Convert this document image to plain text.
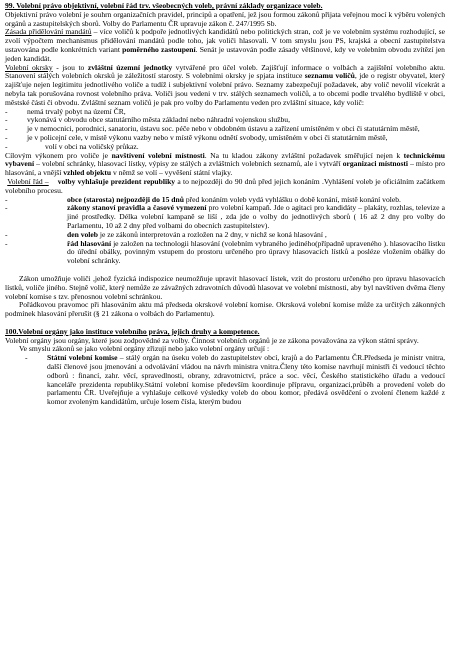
99. Volební právo objektivní, volební řád trv. všeobecných voleb, právní základy organizace voleb.

Objektivní právo volební je souhrn organizačních pravidel, principů a opatření, jež jsou formou zákonů přijata veřejnou mocí k výběru volených orgánů a zastupitelských sborů. Volby do Parlamentu ČR upravuje zákon č. 247/1995 Sb.

Zásada přidělování mandátů – více voličů k podpoře jednotlivých kandidátů nebo politických stran, což je ve volebním systému rozhodující, se zvolí výpočtem mechanismus přidělování mandátů podle toho, jak voliči hlasovali. V tom smyslu jsou PS, krajská a obecní zastupitelstva ustavována podle konkrétních variant poměrného zastoupení. Senát je ustavován podle zásady většinové, kdy ve volebním obvodu zvítězí jen jeden kandidát.

Volební okrsky - jsou to zvláštní územní jednotky vytvářené pro účel voleb. Zajišťují informace o volbách a zajištění volebního aktu. Stanovení stálých volebních okrsků je záležitostí starosty. S volebními okrsky je spjata instituce seznamu voličů, jde o registr obyvatel, který zajišťuje nejen legitimitu jednotlivého voliče a tudíž i subjektivní volební právo. Seznamy zabezpečují požadavek, aby volič nevolil vícekrát a nebyla tak porušována rovnost volebního práva. Voliči jsou vedeni v trv. stálých seznamech voličů, a to obcemi podle trvalého bydliště v obci, městské části či obvodu. Zvláštní seznam voličů je pak pro volby do Parlamentu veden pro zvláštní situace, kdy volič:

-	nemá trvalý pobyt na území ČR,
-	vykonává v obvodu obce statutárního města základní nebo náhradní vojenskou službu,
-	je v nemocnici, porodnici, sanatoriu, ústavu soc. péče nebo v obdobném ústavu a zařízení umístěném v obci či statutárním městě,
-	je v policejní cele, v místě výkonu vazby nebo v místě výkonu odnětí svobody, umístěném v obci či statutárním městě,
-	volí v obci na voličský průkaz.

Cílovým výkonem pro voliče je navštívení volební místnosti. Na tu kladou zákony zvláštní požadavek směřující nejen k technickému vybavení – volební schránky, hlasovací lístky, výpisy ze stálých a zvláštních volebních seznamů, ale i vytváří organizaci místnosti – místo pro hlasování, a vnější vzhled objektu v němž se volí – vyvěšení státní vlajky.

Volební řád – volby vyhlašuje prezident republiky a to nejpozději do 90 dnů před jejich konáním .Vyhlášení voleb je oficiálním začátkem volebního procesu.

-	obce (starosta) nejpozději do 15 dnů před konáním voleb vydá vyhlášku o době konání, místě konání voleb.
-	zákony stanoví pravidla a časové vymezení pro volební kampaň. Jde o agitaci pro kandidáty – plakáty, rozhlas, televize a jiné prostředky. Délka volební kampaně se liší , zda jde o volby do jednotlivých sborů ( 16 až 2 dny pro volby do Parlamentu, 10 až 2 dny před volbami do obecních zastupitelstev).
-	den voleb je ze zákonů interpretován a rozložen na 2 dny, v nichž se koná hlasování ,
-	řád hlasování je založen na technologii hlasování (volebním vybraného jedinéhо(případně upraveného ). hlasovacího lístku do úřední obálky, povinným vstupem do prostoru určeného pro úpravy hlasovacích lístků a posléze vložením obálky do volební schránky.

Zákon umožňuje voliči ,jehož fyzická indispozice neumožňuje upravit hlasovací lístek, vzít do prostoru určeného pro úpravu hlasovacích lístků, voliče jiného. Stejně volič, který nemůže ze závažných zdravotních důvodů hlasovat ve volební místnosti, aby byl navštíven dvěma členy volební komise s tzv. přenosnou volební schránkou.

Pořádkovou pravomoc při hlasováním aktu má předseda okrskové volební komise. Okrsková volební komise může za určitých zákonných podmínek hlasování přerušit (§ 21 zákona o volbách do Parlamentu).

100.Volební orgány jako instituce volebního práva, jejich druhy a kompetence.

Volební orgány jsou orgány, které jsou zodpovědné za volby. Činnost volebních orgánů je ze zákona považována za výkon státní správy.

Ve smyslu zákonů se jako volební orgány zřizují nebo jako volební orgány určují :

-	Státní volební komise – stálý orgán na úseku voleb do zastupitelstev obcí, krajů a do Parlamentu ČR.Předseda je ministr vnitra, další členové jsou jmenováni a odvolávání vládou na návrh ministra vnitra.Členy této komise navrhují ministři či vedoucí těchto odborů : financí, zahr. věcí, spravedlnosti, obrany, zdravotnictví, práce a soc. věcí, Českého statistického úřadu a vedoucí kanceláře prezidenta republiky.Státní volební komise především koordinuje přípravu, organizaci,průběh a provedení voleb do parlamentu ČR. Uveřejňuje a vyhlašuje celkové výsledky voleb do obou komor, předává osvědčení o zvolení členem každé z komor zvoleným kandidátům, určuje losem čísla, kterým budou
